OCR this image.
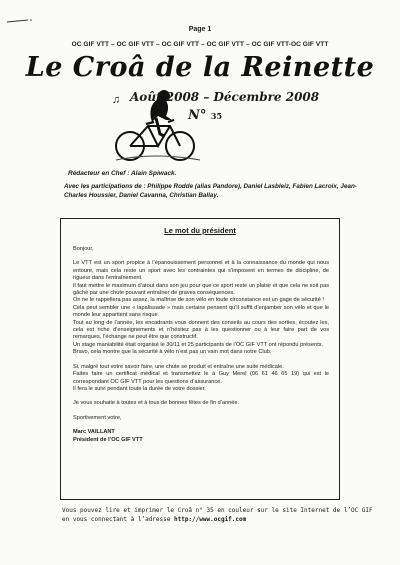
Page 1
OC GIF VTT – OC GIF VTT – OC GIF VTT – OC GIF VTT – OC GIF VTT-OC GIF VTT
Le Croâ de la Reinette
♫ Août 2008 – Décembre 2008
N° 35
Rédacteur en Chef : Alain Spiwack.
Avec les participations de : Philippe Rodde (alias Pandore), Daniel Lasbleiz, Fabien Lacroix, Jean-Charles Houssier, Daniel Cavanna, Christian Ballay.
Le mot du président

Bonjour,

Le VTT est un sport propice à l’épanouissement personnel et à la connaissance du monde qui nous entoure, mais cela reste un sport avec les contraintes qui s’imposent en termes de discipline, de rigueur dans l’entraînement.

Il faut mettre le maximum d’atout dans son jeu pour que ce sport reste un plaisir et que cela ne soit pas gâché par une chute pouvant entraîner de graves conséquences.

On ne le rappellera pas assez, la maîtrise de son vélo en toute circonstance est un gage de sécurité !

Cela peut sembler une « lapalissade » mais certains pensent qu’il suffit d’enjamber son vélo et que le monde leur appartient sans risque.

Tout au long de l’année, les encadrants vous donnent des conseils au cours des sorties, écoutez les, cela est riche d’enseignements et n’hésitez pas à les questionner ou à leur faire part de vos remarques, l’échange ne peut être que constructif.

Un stage maniabilité était organisé le 30/11 et 25 participants de l’OC GIF VTT ont répondu présents.

Bravo, cela montre que la sécurité à vélo n’est pas un vain mot dans notre Club.

Si, malgré tout votre savoir faire, une chute se produit et entraîne une suite médicale.

Faites faire un certificat médical et transmettez le à Guy Merel (06 61 46 65 19) qui est le correspondant OC GIF VTT pour les questions d’assurance.

Il fera le suivi pendant toute la durée de votre dossier.

Je vous souhaite à toutes et à tous de bonnes fêtes de fin d’année.

Sportivement votre,

Marc VAILLANT

Président de l’OC GIF VTT

Vous pouvez lire et imprimer le Croâ n° 35 en couleur sur le site Internet de l’OC GIF
en vous connectant à l’adresse http://www.ocgif.com
